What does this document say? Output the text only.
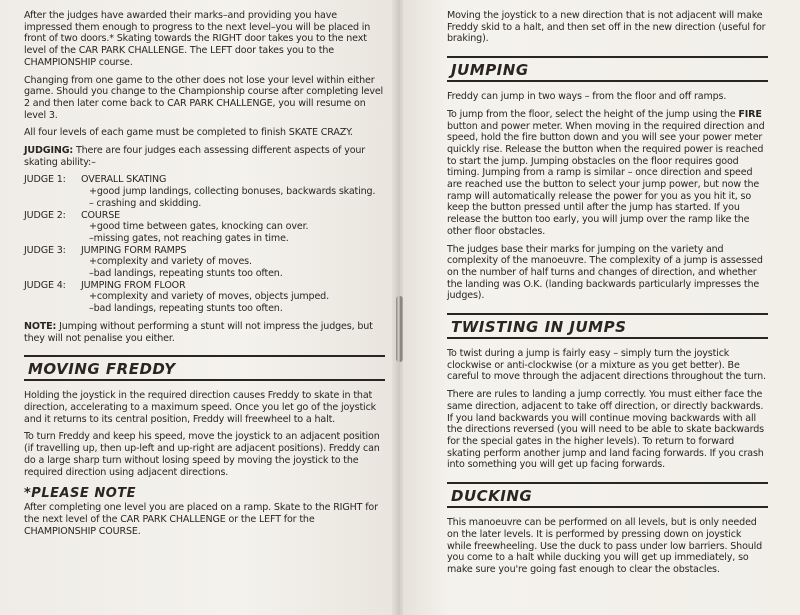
After the judges have awarded their marks–and providing you have impressed them enough to progress to the next level–you will be placed in front of two doors.* Skating towards the RIGHT door takes you to the next level of the CAR PARK CHALLENGE. The LEFT door takes you to the CHAMPIONSHIP course.

Changing from one game to the other does not lose your level within either game. Should you change to the Championship course after completing level 2 and then later come back to CAR PARK CHALLENGE, you will resume on level 3.

All four levels of each game must be completed to finish SKATE CRAZY.

JUDGING: There are four judges each assessing different aspects of your skating ability:–

JUDGE 1:	OVERALL SKATING
+good jump landings, collecting bonuses, backwards skating.
– crashing and skidding.
JUDGE 2:	COURSE
+good time between gates, knocking can over.
–missing gates, not reaching gates in time.
JUDGE 3:	JUMPING FORM RAMPS
+complexity and variety of moves.
–bad landings, repeating stunts too often.
JUDGE 4:	JUMPING FROM FLOOR
+complexity and variety of moves, objects jumped.
–bad landings, repeating stunts too often.

NOTE: Jumping without performing a stunt will not impress the judges, but they will not penalise you either.

MOVING FREDDY

Holding the joystick in the required direction causes Freddy to skate in that direction, accelerating to a maximum speed. Once you let go of the joystick and it returns to its central position, Freddy will freewheel to a halt.

To turn Freddy and keep his speed, move the joystick to an adjacent position (if travelling up, then up-left and up-right are adjacent positions). Freddy can do a large sharp turn without losing speed by moving the joystick to the required direction using adjacent directions.

*PLEASE NOTE

After completing one level you are placed on a ramp. Skate to the RIGHT for the next level of the CAR PARK CHALLENGE or the LEFT for the CHAMPIONSHIP COURSE.

Moving the joystick to a new direction that is not adjacent will make Freddy skid to a halt, and then set off in the new direction (useful for braking).

JUMPING

Freddy can jump in two ways – from the floor and off ramps.

To jump from the floor, select the height of the jump using the FIRE button and power meter. When moving in the required direction and speed, hold the fire button down and you will see your power meter quickly rise. Release the button when the required power is reached to start the jump. Jumping obstacles on the floor requires good timing. Jumping from a ramp is similar – once direction and speed are reached use the button to select your jump power, but now the ramp will automatically release the power for you as you hit it, so keep the button pressed until after the jump has started. If you release the button too early, you will jump over the ramp like the other floor obstacles.

The judges base their marks for jumping on the variety and complexity of the manoeuvre. The complexity of a jump is assessed on the number of half turns and changes of direction, and whether the landing was O.K. (landing backwards particularly impresses the judges).

TWISTING IN JUMPS

To twist during a jump is fairly easy – simply turn the joystick clockwise or anti-clockwise (or a mixture as you get better). Be careful to move through the adjacent directions throughout the turn.

There are rules to landing a jump correctly. You must either face the same direction, adjacent to take off direction, or directly backwards. If you land backwards you will continue moving backwards with all the directions reversed (you will need to be able to skate backwards for the special gates in the higher levels). To return to forward skating perform another jump and land facing forwards. If you crash into something you will get up facing forwards.

DUCKING

This manoeuvre can be performed on all levels, but is only needed on the later levels. It is performed by pressing down on joystick while freewheeling. Use the duck to pass under low barriers. Should you come to a halt while ducking you will get up immediately, so make sure you're going fast enough to clear the obstacles.
